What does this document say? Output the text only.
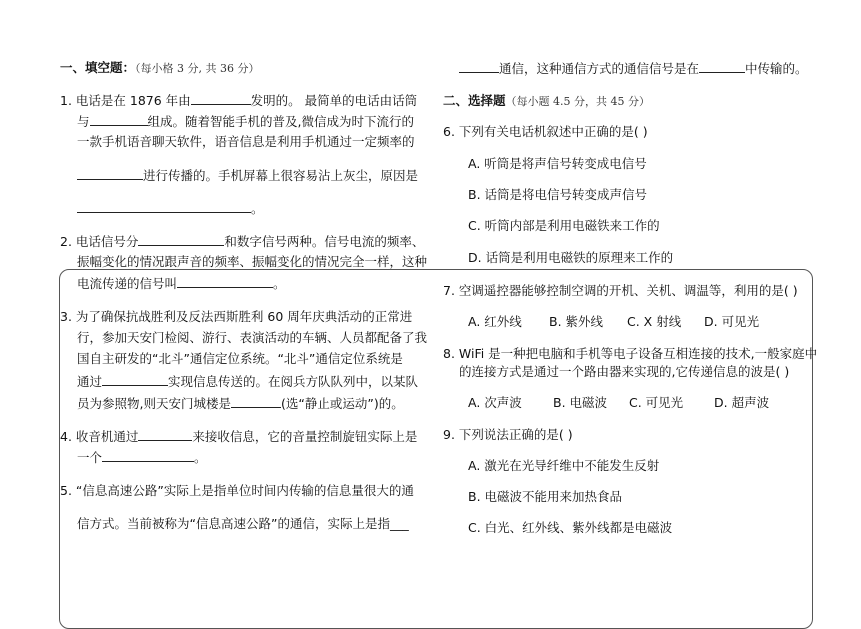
一、填空题：（每小格 3 分, 共 36 分）
1. 电话是在 1876 年由	发明的。 最简单的电话由话筒
与	组成。随着智能手机的普及,微信成为时下流行的
一款手机语音聊天软件，语音信息是利用手机通过一定频率的
进行传播的。手机屏幕上很容易沾上灰尘，原因是
。
2. 电话信号分	和数字信号两种。信号电流的频率、
振幅变化的情况跟声音的频率、振幅变化的情况完全一样，这种
电流传递的信号叫	。
3. 为了确保抗战胜利及反法西斯胜利 60 周年庆典活动的正常进
行，参加天安门检阅、游行、表演活动的车辆、人员都配备了我
国自主研发的“北斗”通信定位系统。“北斗”通信定位系统是
通过	实现信息传送的。在阅兵方队队列中，以某队
员为参照物,则天安门城楼是	(选“静止或运动”)的。
4. 收音机通过	来接收信息，它的音量控制旋钮实际上是
一个	。
5. “信息高速公路”实际上是指单位时间内传输的信息量很大的通
信方式。当前被称为“信息高速公路”的通信，实际上是指___
通信，这种通信方式的通信信号是在	中传输的。
二、选择题（每小题 4.5 分，共 45 分）
6. 下列有关电话机叙述中正确的是( )
A. 听筒是将声信号转变成电信号
B. 话筒是将电信号转变成声信号
C. 听筒内部是利用电磁铁来工作的
D. 话筒是利用电磁铁的原理来工作的
7. 空调遥控器能够控制空调的开机、关机、调温等，利用的是( )
A. 红外线 B. 紫外线 C. X 射线 D. 可见光
8. WiFi 是一种把电脑和手机等电子设备互相连接的技术,一般家庭中
的连接方式是通过一个路由器来实现的,它传递信息的波是( )
A. 次声波 B. 电磁波 C. 可见光 D. 超声波
9. 下列说法正确的是( )
A. 激光在光导纤维中不能发生反射
B. 电磁波不能用来加热食品
C. 白光、红外线、紫外线都是电磁波
